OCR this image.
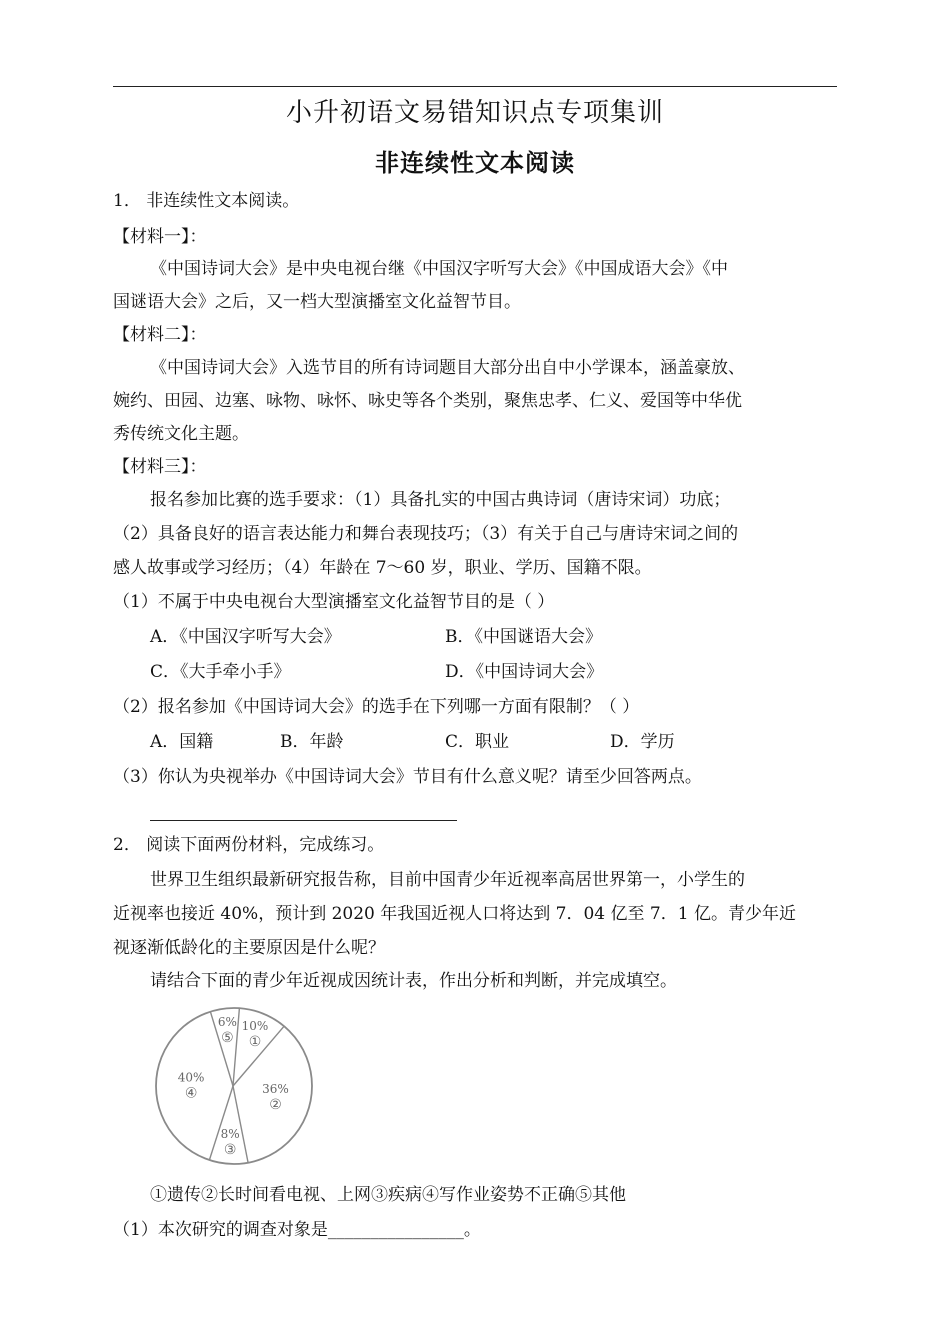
小升初语文易错知识点专项集训
非连续性文本阅读
1． 非连续性文本阅读。
【材料一】：
《中国诗词大会》是中央电视台继《中国汉字听写大会》《中国成语大会》《中
国谜语大会》之后，又一档大型演播室文化益智节目。
【材料二】：
《中国诗词大会》入选节目的所有诗词题目大部分出自中小学课本，涵盖豪放、
婉约、田园、边塞、咏物、咏怀、咏史等各个类别，聚焦忠孝、仁义、爱国等中华优
秀传统文化主题。
【材料三】：
报名参加比赛的选手要求：（1）具备扎实的中国古典诗词（唐诗宋词）功底；
（2）具备良好的语言表达能力和舞台表现技巧；（3）有关于自己与唐诗宋词之间的
感人故事或学习经历；（4）年龄在 7～60 岁，职业、学历、国籍不限。
（1）不属于中央电视台大型演播室文化益智节目的是（ ）
A．《中国汉字听写大会》	B．《中国谜语大会》
C．《大手牵小手》	D．《中国诗词大会》
（2）报名参加《中国诗词大会》的选手在下列哪一方面有限制？（ ）
A．国籍	B．年龄	C．职业	D．学历
（3）你认为央视举办《中国诗词大会》节目有什么意义呢？请至少回答两点。
2． 阅读下面两份材料，完成练习。
世界卫生组织最新研究报告称，目前中国青少年近视率高居世界第一，小学生的
近视率也接近 40%，预计到 2020 年我国近视人口将达到 7．04 亿至 7．1 亿。青少年近
视逐渐低龄化的主要原因是什么呢？
请结合下面的青少年近视成因统计表，作出分析和判断，并完成填空。
10%
①
36%
②
8%
③
40%
④
6%
⑤
①遗传②长时间看电视、上网③疾病④写作业姿势不正确⑤其他
（1）本次研究的调查对象是________________。
